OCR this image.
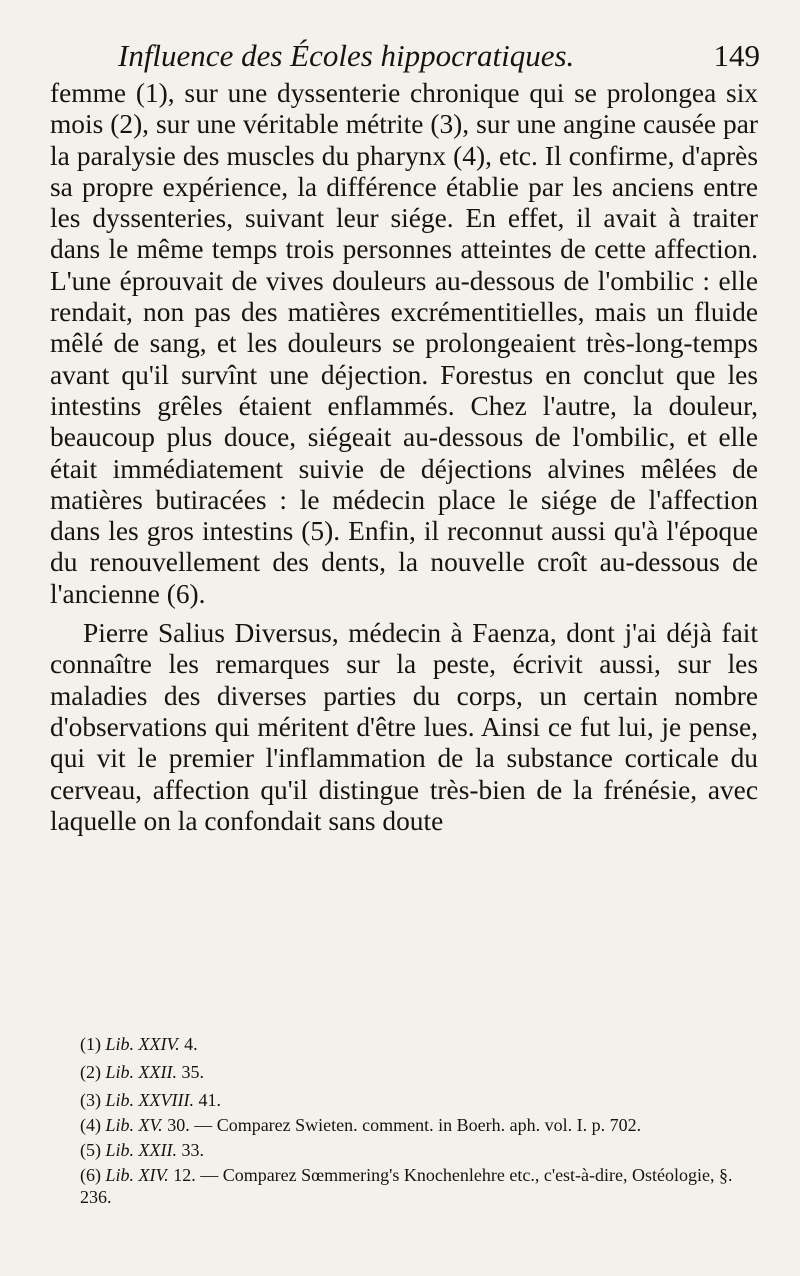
Influence des Écoles hippocratiques.	149

femme (1), sur une dyssenterie chronique qui se prolongea six mois (2), sur une véritable métrite (3), sur une angine causée par la paralysie des muscles du pharynx (4), etc. Il confirme, d'après sa propre expérience, la différence établie par les anciens entre les dyssenteries, suivant leur siége. En effet, il avait à traiter dans le même temps trois personnes atteintes de cette affection. L'une éprouvait de vives douleurs au-dessous de l'ombilic : elle rendait, non pas des matières excrémentitielles, mais un fluide mêlé de sang, et les douleurs se prolongeaient très-long-temps avant qu'il survînt une déjection. Forestus en conclut que les intestins grêles étaient enflammés. Chez l'autre, la douleur, beaucoup plus douce, siégeait au-dessous de l'ombilic, et elle était immédiatement suivie de déjections alvines mêlées de matières butiracées : le médecin place le siége de l'affection dans les gros intestins (5). Enfin, il reconnut aussi qu'à l'époque du renouvellement des dents, la nouvelle croît au-dessous de l'ancienne (6).

Pierre Salius Diversus, médecin à Faenza, dont j'ai déjà fait connaître les remarques sur la peste, écrivit aussi, sur les maladies des diverses parties du corps, un certain nombre d'observations qui méritent d'être lues. Ainsi ce fut lui, je pense, qui vit le premier l'inflammation de la substance corticale du cerveau, affection qu'il distingue très-bien de la frénésie, avec laquelle on la confondait sans doute

(1) Lib. XXIV. 4.
(2) Lib. XXII. 35.
(3) Lib. XXVIII. 41.
(4) Lib. XV. 30. — Comparez Swieten. comment. in Boerh. aph. vol. I. p. 702.
(5) Lib. XXII. 33.
(6) Lib. XIV. 12. — Comparez Sœmmering's Knochenlehre etc., c'est-à-dire, Ostéologie, §. 236.
